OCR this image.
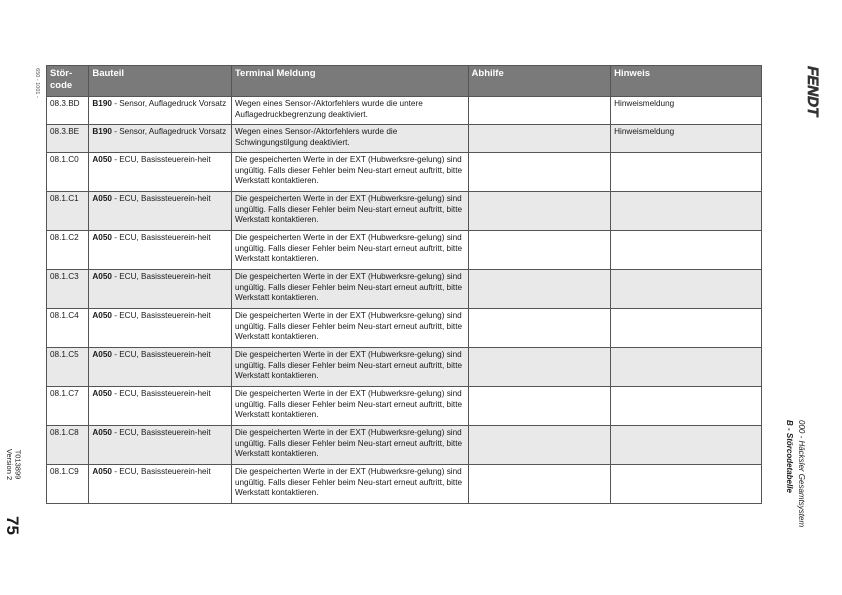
650 - 1001 -
T013899
Version 2
75
FENDT
000 - Häcksler Gesamtsystem
B - Störcodetabelle
Stör-
code	Bauteil	Terminal Meldung	Abhilfe	Hinweis
08.3.BD	B190 - Sensor, Auflagedruck Vorsatz	Wegen eines Sensor-/Aktorfehlers wurde die untere Auflagedruckbegrenzung deaktiviert.		Hinweismeldung
08.3.BE	B190 - Sensor, Auflagedruck Vorsatz	Wegen eines Sensor-/Aktorfehlers wurde die Schwingungstilgung deaktiviert.		Hinweismeldung
08.1.C0	A050 - ECU, Basissteuerein-heit	Die gespeicherten Werte in der EXT (Hubwerksre-gelung) sind ungültig. Falls dieser Fehler beim Neu-start erneut auftritt, bitte Werkstatt kontaktieren.		
08.1.C1	A050 - ECU, Basissteuerein-heit	Die gespeicherten Werte in der EXT (Hubwerksre-gelung) sind ungültig. Falls dieser Fehler beim Neu-start erneut auftritt, bitte Werkstatt kontaktieren.		
08.1.C2	A050 - ECU, Basissteuerein-heit	Die gespeicherten Werte in der EXT (Hubwerksre-gelung) sind ungültig. Falls dieser Fehler beim Neu-start erneut auftritt, bitte Werkstatt kontaktieren.		
08.1.C3	A050 - ECU, Basissteuerein-heit	Die gespeicherten Werte in der EXT (Hubwerksre-gelung) sind ungültig. Falls dieser Fehler beim Neu-start erneut auftritt, bitte Werkstatt kontaktieren.		
08.1.C4	A050 - ECU, Basissteuerein-heit	Die gespeicherten Werte in der EXT (Hubwerksre-gelung) sind ungültig. Falls dieser Fehler beim Neu-start erneut auftritt, bitte Werkstatt kontaktieren.		
08.1.C5	A050 - ECU, Basissteuerein-heit	Die gespeicherten Werte in der EXT (Hubwerksre-gelung) sind ungültig. Falls dieser Fehler beim Neu-start erneut auftritt, bitte Werkstatt kontaktieren.		
08.1.C7	A050 - ECU, Basissteuerein-heit	Die gespeicherten Werte in der EXT (Hubwerksre-gelung) sind ungültig. Falls dieser Fehler beim Neu-start erneut auftritt, bitte Werkstatt kontaktieren.		
08.1.C8	A050 - ECU, Basissteuerein-heit	Die gespeicherten Werte in der EXT (Hubwerksre-gelung) sind ungültig. Falls dieser Fehler beim Neu-start erneut auftritt, bitte Werkstatt kontaktieren.		
08.1.C9	A050 - ECU, Basissteuerein-heit	Die gespeicherten Werte in der EXT (Hubwerksre-gelung) sind ungültig. Falls dieser Fehler beim Neu-start erneut auftritt, bitte Werkstatt kontaktieren.		
